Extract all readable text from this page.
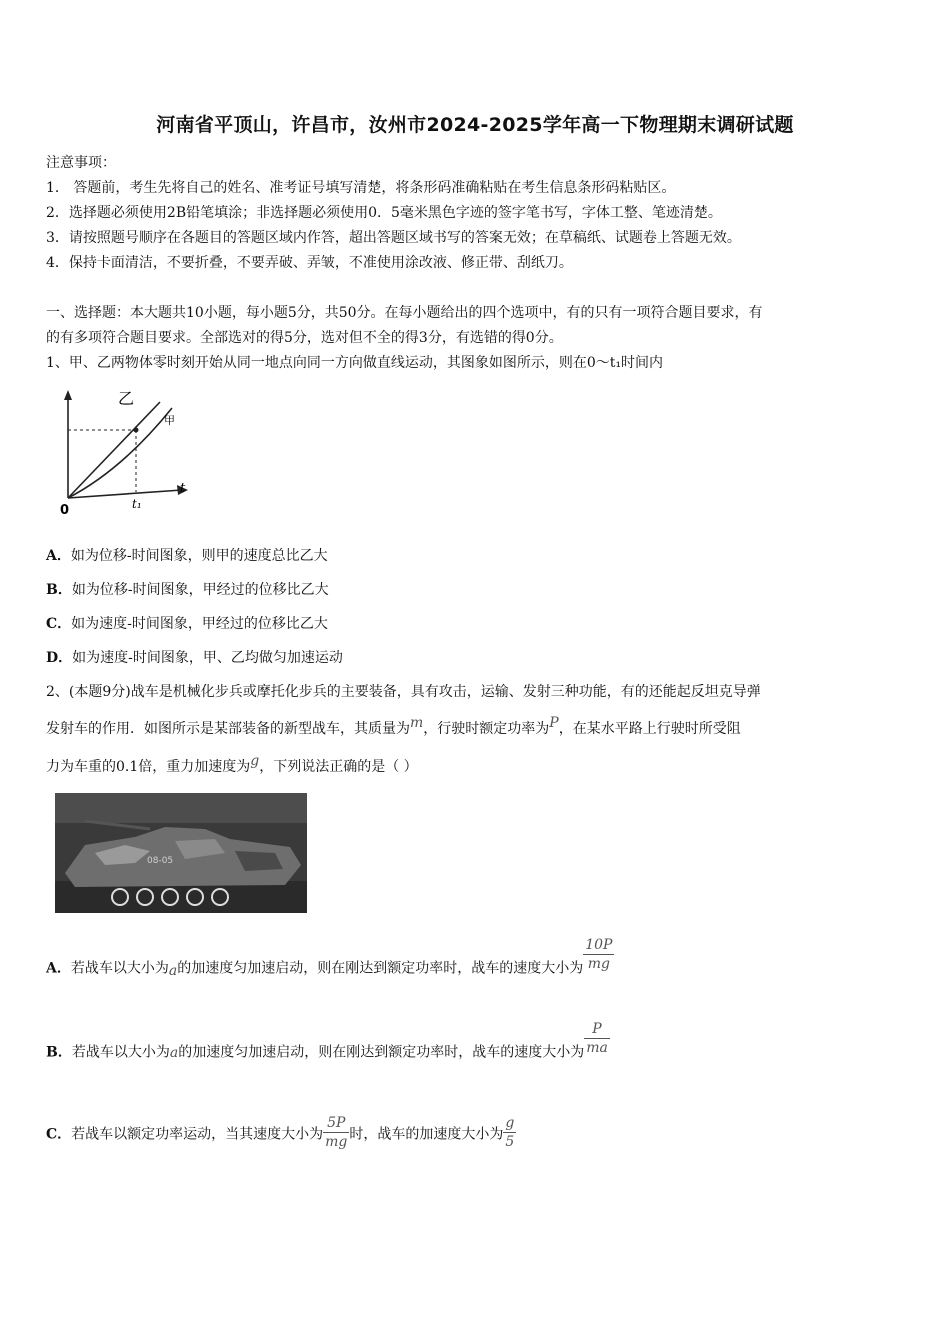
河南省平顶山，许昌市，汝州市2024-2025学年高一下物理期末调研试题
注意事项：
1． 答题前，考生先将自己的姓名、准考证号填写清楚，将条形码准确粘贴在考生信息条形码粘贴区。
2．选择题必须使用2B铅笔填涂；非选择题必须使用0．5毫米黑色字迹的签字笔书写，字体工整、笔迹清楚。
3．请按照题号顺序在各题目的答题区域内作答，超出答题区域书写的答案无效；在草稿纸、试题卷上答题无效。
4．保持卡面清洁，不要折叠，不要弄破、弄皱，不准使用涂改液、修正带、刮纸刀。
一、选择题：本大题共10小题，每小题5分，共50分。在每小题给出的四个选项中，有的只有一项符合题目要求，有
的有多项符合题目要求。全部选对的得5分，选对但不全的得3分，有选错的得0分。
1、甲、乙两物体零时刻开始从同一地点向同一方向做直线运动，其图象如图所示，则在0～t₁时间内
乙
甲
t
t₁
0
A．如为位移-时间图象，则甲的速度总比乙大
B．如为位移-时间图象，甲经过的位移比乙大
C．如为速度-时间图象，甲经过的位移比乙大
D．如为速度-时间图象，甲、乙均做匀加速运动
2、(本题9分)战车是机械化步兵或摩托化步兵的主要装备，具有攻击，运输、发射三种功能，有的还能起反坦克导弹
发射车的作用．如图所示是某部装备的新型战车，其质量为m，行驶时额定功率为P，在某水平路上行驶时所受阻
力为车重的0.1倍，重力加速度为g，下列说法正确的是（ ）
08-05
A．若战车以大小为a的加速度匀加速启动，则在刚达到额定功率时，战车的速度大小为 $\frac{10P}{mg}$
B．若战车以大小为a的加速度匀加速启动，则在刚达到额定功率时，战车的速度大小为 $\frac{P}{ma}$
C．若战车以额定功率运动，当其速度大小为 $\frac{5P}{mg}$ 时，战车的加速度大小为 $\frac{g}{5}$
